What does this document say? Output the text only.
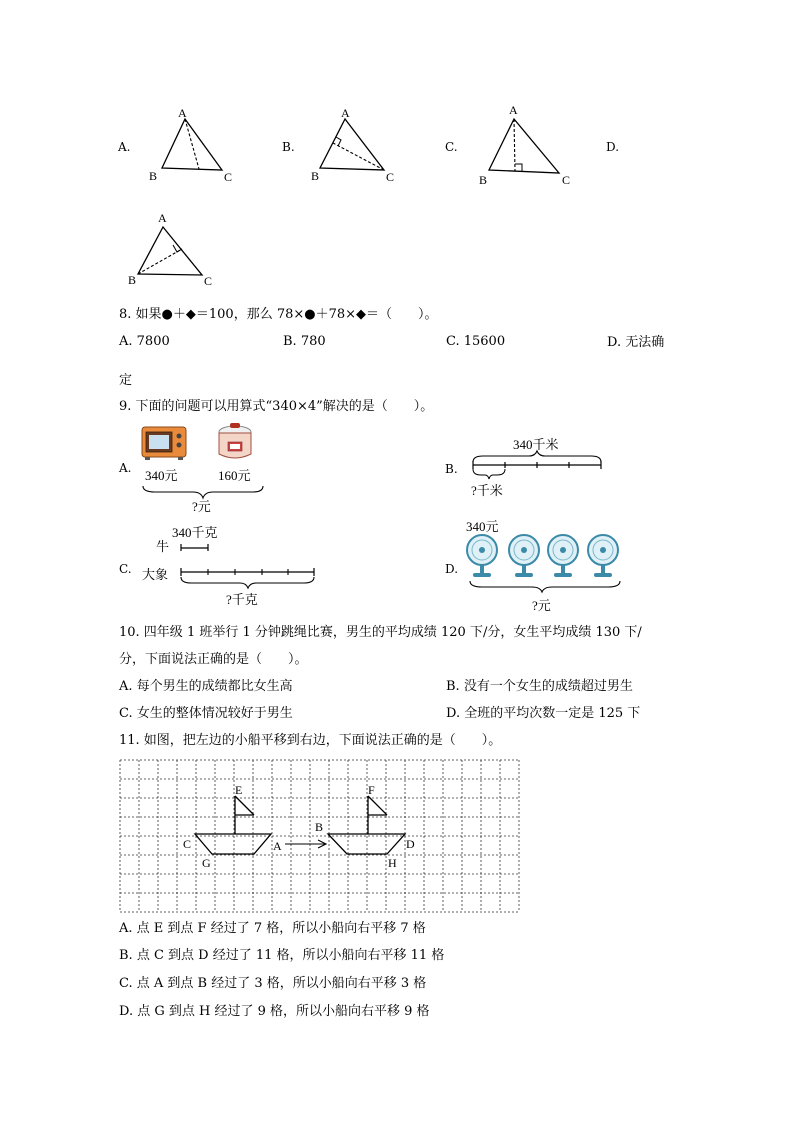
A.
A
B	C
B.
A
B	C
C.
A
B	C
D.
A
B	C
8. 如果●＋◆＝100，那么 78×●＋78×◆＝（　　）。
A. 7800	B. 780	C. 15600	D. 无法确
定
9. 下面的问题可以用算式“340×4”解决的是（　　）。
A. 340元	160元
?元
B.
340千米
?千米
C.
340千克
牛
大象
?千克
D.
340元
?元
10. 四年级 1 班举行 1 分钟跳绳比赛，男生的平均成绩 120 下/分，女生平均成绩 130 下/
分，下面说法正确的是（　　）。
A. 每个男生的成绩都比女生高	B. 没有一个女生的成绩超过男生
C. 女生的整体情况较好于男生	D. 全班的平均次数一定是 125 下
11. 如图，把左边的小船平移到右边，下面说法正确的是（　　）。
E	F
B
C	A	D
G	H
A. 点 E 到点 F 经过了 7 格，所以小船向右平移 7 格
B. 点 C 到点 D 经过了 11 格，所以小船向右平移 11 格
C. 点 A 到点 B 经过了 3 格，所以小船向右平移 3 格
D. 点 G 到点 H 经过了 9 格，所以小船向右平移 9 格
